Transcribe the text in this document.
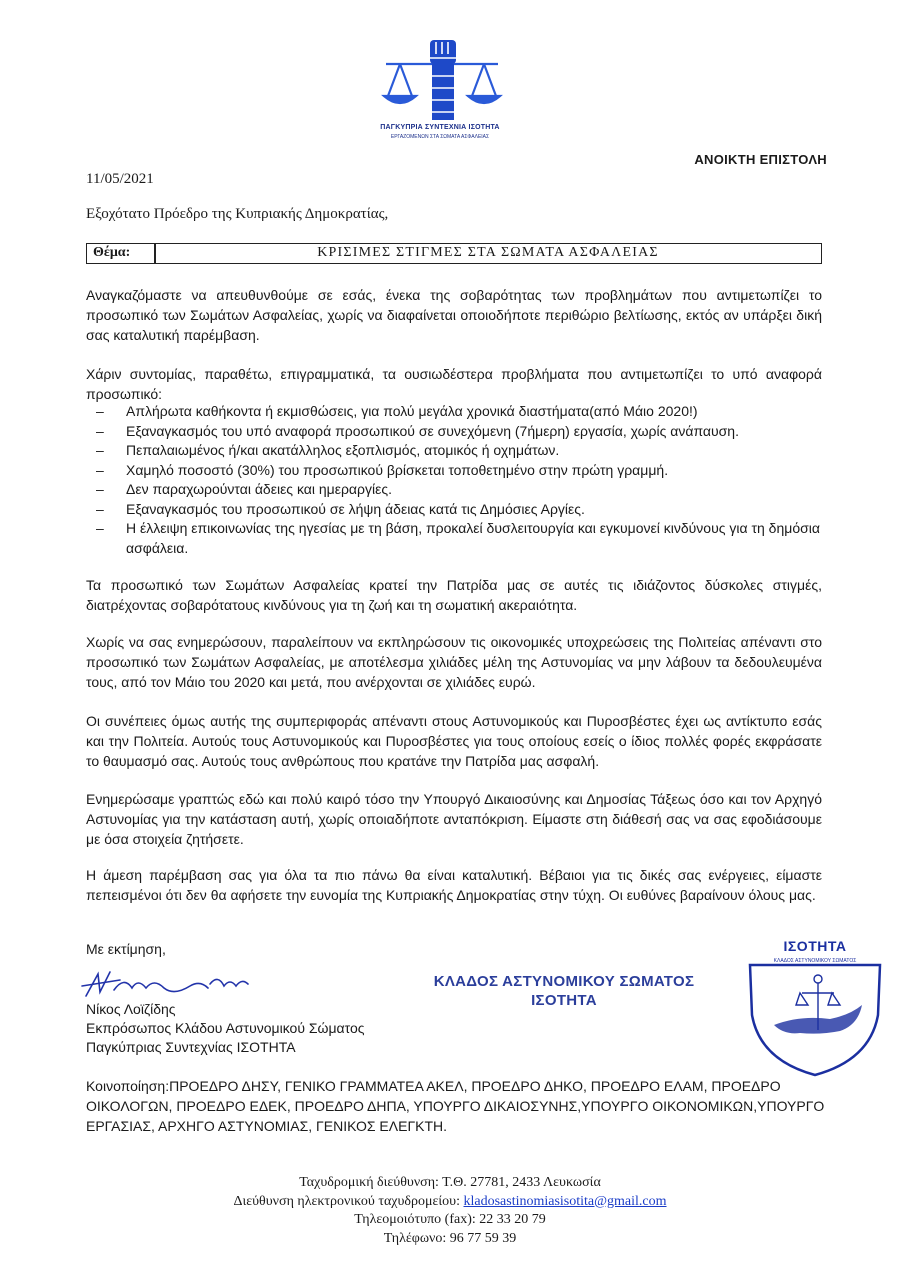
ΠΑΓΚΥΠΡΙΑ ΣΥΝΤΕΧΝΙΑ ΙΣΟΤΗΤΑ
ΕΡΓΑΖΟΜΕΝΩΝ ΣΤΑ ΣΩΜΑΤΑ ΑΣΦΑΛΕΙΑΣ
ΑΝΟΙΚΤΗ ΕΠΙΣΤΟΛΗ
11/05/2021
Εξοχότατο Πρόεδρο της Κυπριακής Δημοκρατίας,
Θέμα:	ΚΡΙΣΙΜΕΣ ΣΤΙΓΜΕΣ ΣΤΑ ΣΩΜΑΤΑ ΑΣΦΑΛΕΙΑΣ
Αναγκαζόμαστε να απευθυνθούμε σε εσάς, ένεκα της σοβαρότητας των προβλημάτων που αντιμετωπίζει το προσωπικό των Σωμάτων Ασφαλείας, χωρίς να διαφαίνεται οποιοδήποτε περιθώριο βελτίωσης, εκτός αν υπάρξει δική σας καταλυτική παρέμβαση.
Χάριν συντομίας, παραθέτω, επιγραμματικά, τα ουσιωδέστερα προβλήματα που αντιμετωπίζει το υπό αναφορά προσωπικό:
– Απλήρωτα καθήκοντα ή εκμισθώσεις, για πολύ μεγάλα χρονικά διαστήματα(από Μάιο 2020!)
– Εξαναγκασμός του υπό αναφορά προσωπικού σε συνεχόμενη (7ήμερη) εργασία, χωρίς ανάπαυση.
– Πεπαλαιωμένος ή/και ακατάλληλος εξοπλισμός, ατομικός ή οχημάτων.
– Χαμηλό ποσοστό (30%) του προσωπικού βρίσκεται τοποθετημένο στην πρώτη γραμμή.
– Δεν παραχωρούνται άδειες και ημεραργίες.
– Εξαναγκασμός του προσωπικού σε λήψη άδειας κατά τις Δημόσιες Αργίες.
– Η έλλειψη επικοινωνίας της ηγεσίας με τη βάση, προκαλεί δυσλειτουργία και εγκυμονεί κινδύνους για τη δημόσια ασφάλεια.
Τα προσωπικό των Σωμάτων Ασφαλείας κρατεί την Πατρίδα μας σε αυτές τις ιδιάζοντος δύσκολες στιγμές, διατρέχοντας σοβαρότατους κινδύνους για τη ζωή και τη σωματική ακεραιότητα.
Χωρίς να σας ενημερώσουν, παραλείπουν να εκπληρώσουν τις οικονομικές υποχρεώσεις της Πολιτείας απέναντι στο προσωπικό των Σωμάτων Ασφαλείας, με αποτέλεσμα χιλιάδες μέλη της Αστυνομίας να μην λάβουν τα δεδουλευμένα τους, από τον Μάιο του 2020 και μετά, που ανέρχονται σε χιλιάδες ευρώ.
Οι συνέπειες όμως αυτής της συμπεριφοράς απέναντι στους Αστυνομικούς και Πυροσβέστες έχει ως αντίκτυπο εσάς και την Πολιτεία. Αυτούς τους Αστυνομικούς και Πυροσβέστες για τους οποίους εσείς ο ίδιος πολλές φορές εκφράσατε το θαυμασμό σας. Αυτούς τους ανθρώπους που κρατάνε την Πατρίδα μας ασφαλή.
Ενημερώσαμε γραπτώς εδώ και πολύ καιρό τόσο την Υπουργό Δικαιοσύνης και Δημοσίας Τάξεως όσο και τον Αρχηγό Αστυνομίας για την κατάσταση αυτή, χωρίς οποιαδήποτε ανταπόκριση. Είμαστε στη διάθεσή σας να σας εφοδιάσουμε με όσα στοιχεία ζητήσετε.
Η άμεση παρέμβαση σας για όλα τα πιο πάνω θα είναι καταλυτική. Βέβαιοι για τις δικές σας ενέργειες, είμαστε πεπεισμένοι ότι δεν θα αφήσετε την ευνομία της Κυπριακής Δημοκρατίας στην τύχη. Οι ευθύνες βαραίνουν όλους μας.
Με εκτίμηση,
Νίκος Λοϊζίδης
Εκπρόσωπος Κλάδου Αστυνομικού Σώματος
Παγκύπριας Συντεχνίας ΙΣΟΤΗΤΑ
ΚΛΑΔΟΣ ΑΣΤΥΝΟΜΙΚΟΥ ΣΩΜΑΤΟΣ
ΙΣΟΤΗΤΑ
ΚΛΑΔΟΣ ΑΣΤΥΝΟΜΙΚΟΥ ΣΩΜΑΤΟΣ
ΙΣΟΤΗΤΑ
Κοινοποίηση:ΠΡΟΕΔΡΟ ΔΗΣΥ, ΓΕΝΙΚΟ ΓΡΑΜΜΑΤΕΑ ΑΚΕΛ, ΠΡΟΕΔΡΟ ΔΗΚΟ, ΠΡΟΕΔΡΟ ΕΛΑΜ, ΠΡΟΕΔΡΟ ΟΙΚΟΛΟΓΩΝ, ΠΡΟΕΔΡΟ ΕΔΕΚ, ΠΡΟΕΔΡΟ ΔΗΠΑ, ΥΠΟΥΡΓΟ ΔΙΚΑΙΟΣΥΝΗΣ,ΥΠΟΥΡΓΟ ΟΙΚΟΝΟΜΙΚΩΝ,ΥΠΟΥΡΓΟ ΕΡΓΑΣΙΑΣ, ΑΡΧΗΓΟ ΑΣΤΥΝΟΜΙΑΣ, ΓΕΝΙΚΟΣ ΕΛΕΓΚΤΗ.
Ταχυδρομική διεύθυνση: Τ.Θ. 27781, 2433 Λευκωσία
Διεύθυνση ηλεκτρονικού ταχυδρομείου: kladosastinomiasisotita@gmail.com
Τηλεομοιότυπο (fax): 22 33 20 79
Τηλέφωνο: 96 77 59 39
